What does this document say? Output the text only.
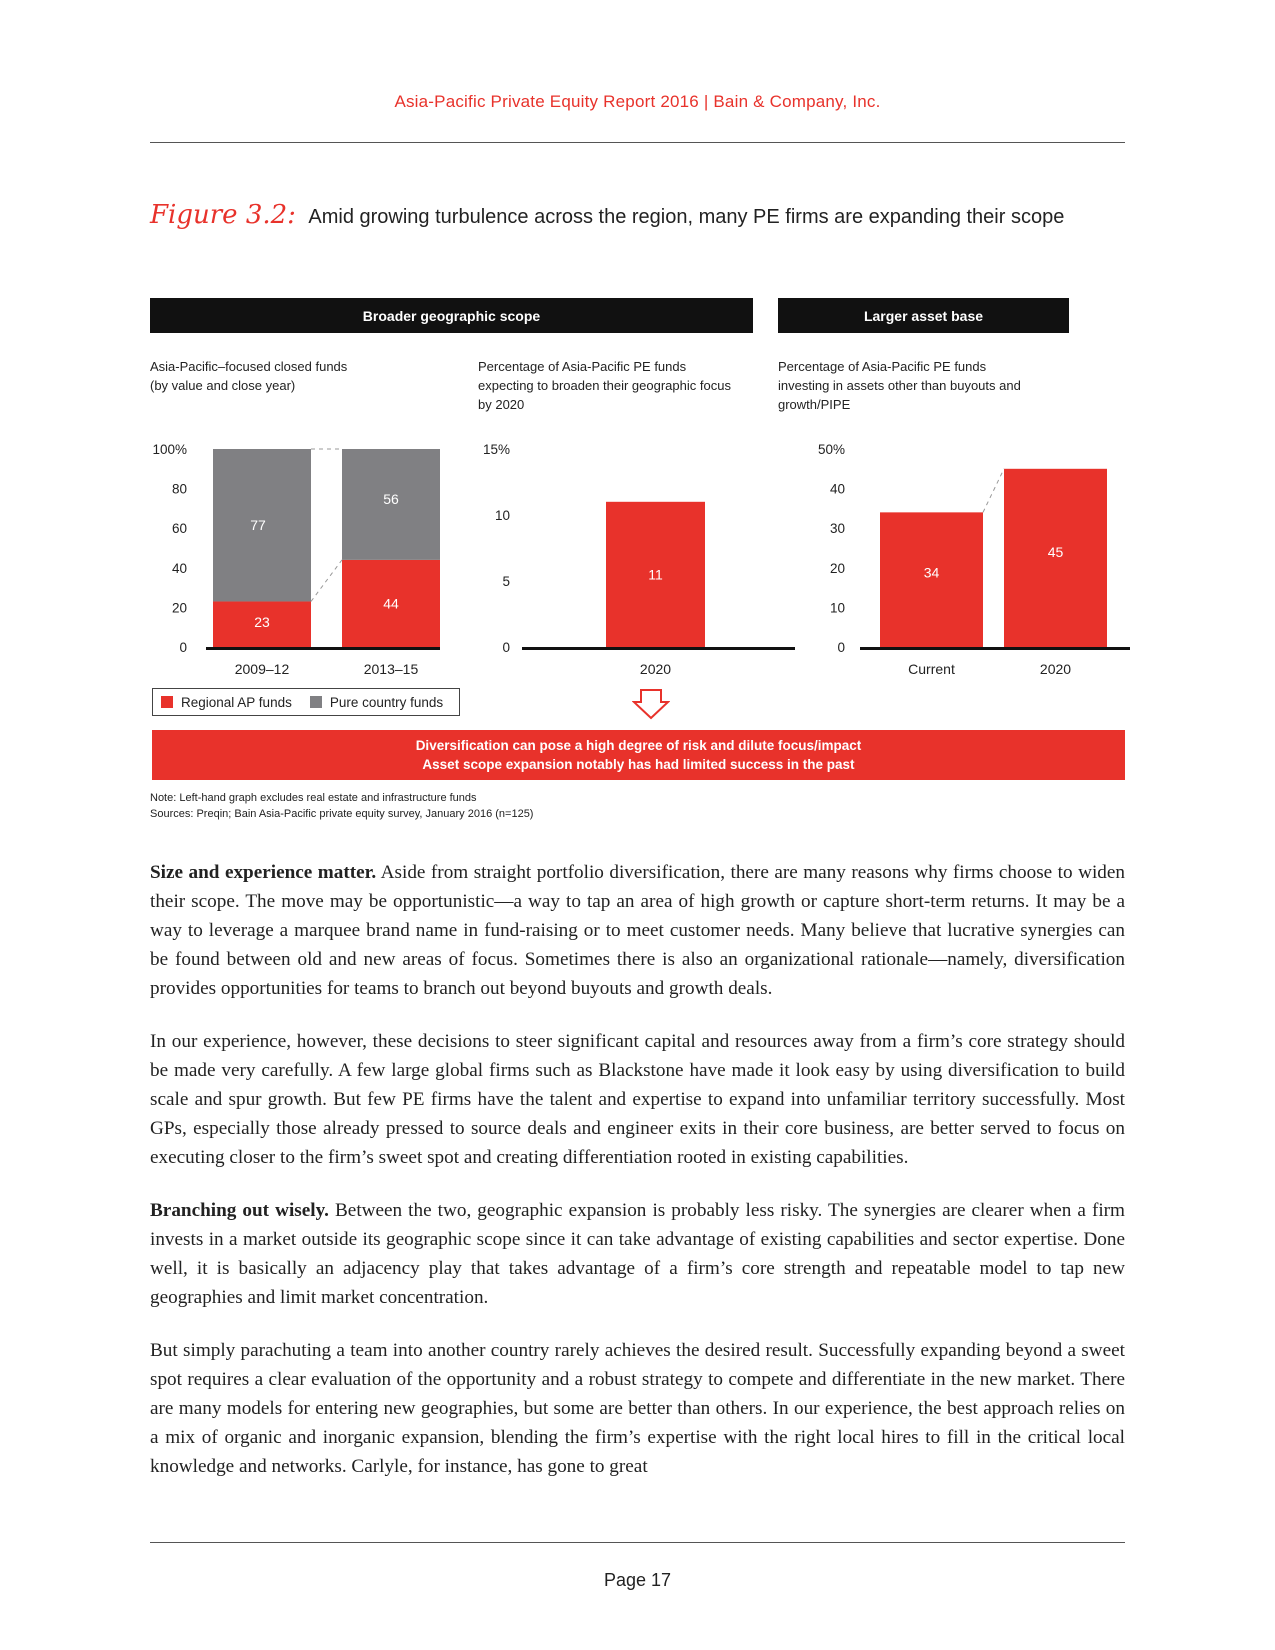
Asia-Pacific Private Equity Report 2016 | Bain & Company, Inc.
Figure 3.2: Amid growing turbulence across the region, many PE firms are expanding their scope
Broader geographic scope	Larger asset base
Asia-Pacific–focused closed funds
(by value and close year)
Percentage of Asia-Pacific PE funds
expecting to broaden their geographic focus
by 2020
Percentage of Asia-Pacific PE funds
investing in assets other than buyouts and
growth/PIPE
0
20
40
60
80
100%
23
77
2009–12
44
56
2013–15
0
5
10
15%
11
2020
0
10
20
30
40
50%
34
Current
45
2020
Regional AP funds	Pure country funds
Diversification can pose a high degree of risk and dilute focus/impact
Asset scope expansion notably has had limited success in the past
Note: Left-hand graph excludes real estate and infrastructure funds
Sources: Preqin; Bain Asia-Pacific private equity survey, January 2016 (n=125)

Size and experience matter. Aside from straight portfolio diversification, there are many reasons why firms choose to widen their scope. The move may be opportunistic—a way to tap an area of high growth or capture short-term returns. It may be a way to leverage a marquee brand name in fund-raising or to meet customer needs. Many believe that lucrative synergies can be found between old and new areas of focus. Sometimes there is also an organizational rationale—namely, diversification provides opportunities for teams to branch out beyond buyouts and growth deals.

In our experience, however, these decisions to steer significant capital and resources away from a firm’s core strategy should be made very carefully. A few large global firms such as Blackstone have made it look easy by using diversification to build scale and spur growth. But few PE firms have the talent and expertise to expand into unfamiliar territory successfully. Most GPs, especially those already pressed to source deals and engineer exits in their core business, are better served to focus on executing closer to the firm’s sweet spot and creating differentiation rooted in existing capabilities.

Branching out wisely. Between the two, geographic expansion is probably less risky. The synergies are clearer when a firm invests in a market outside its geographic scope since it can take advantage of existing capabilities and sector expertise. Done well, it is basically an adjacency play that takes advantage of a firm’s core strength and repeatable model to tap new geographies and limit market concentration.

But simply parachuting a team into another country rarely achieves the desired result. Successfully expanding beyond a sweet spot requires a clear evaluation of the opportunity and a robust strategy to compete and differentiate in the new market. There are many models for entering new geographies, but some are better than others. In our experience, the best approach relies on a mix of organic and inorganic expansion, blending the firm’s expertise with the right local hires to fill in the critical local knowledge and networks. Carlyle, for instance, has gone to great

Page 17
